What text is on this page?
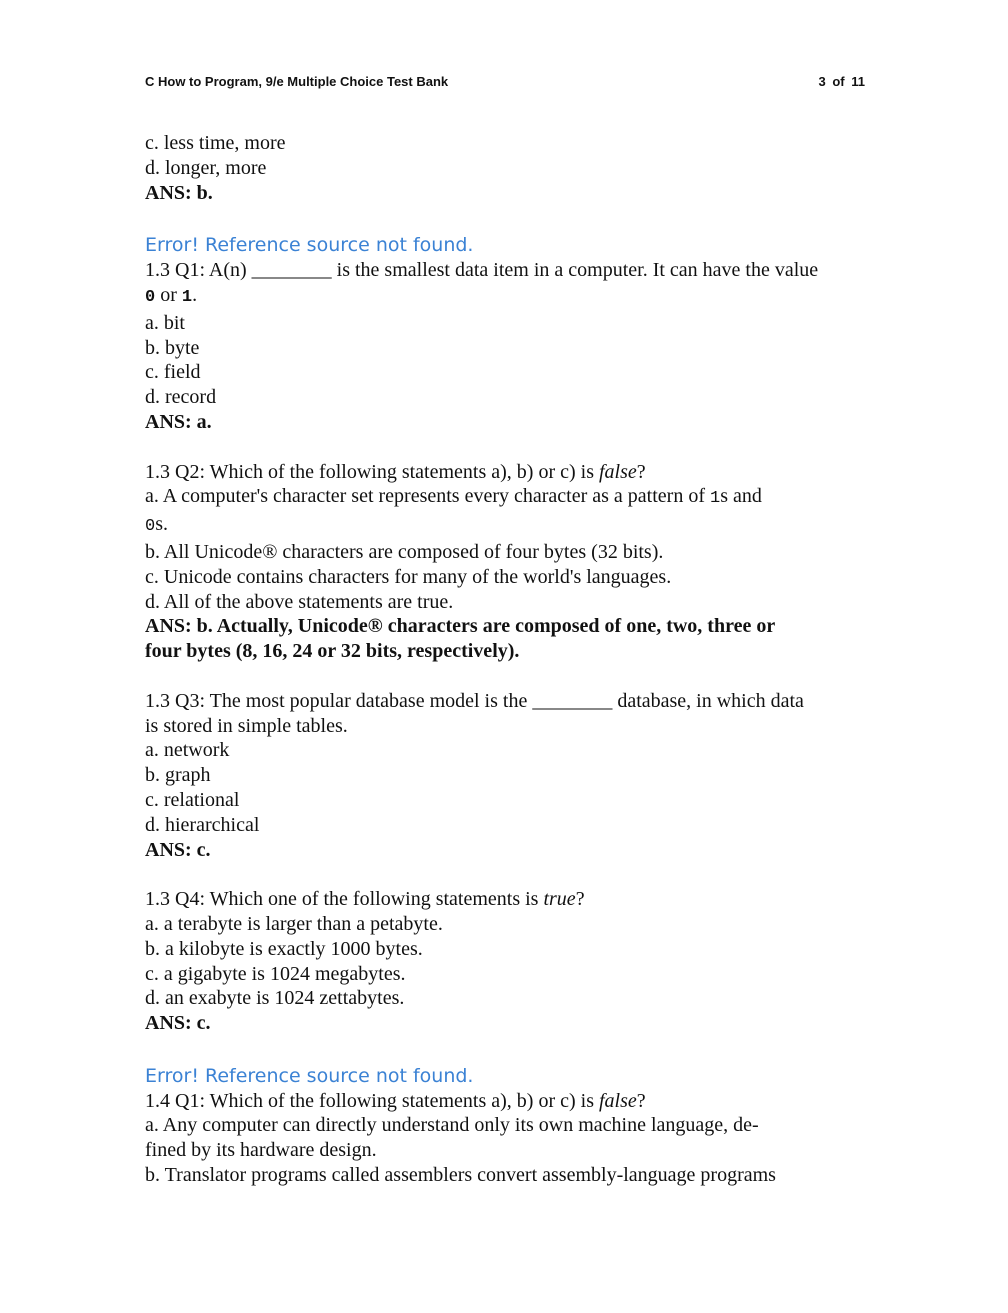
C How to Program, 9/e Multiple Choice Test Bank	3 of 11
c. less time, more
d. longer, more
ANS: b.
Error! Reference source not found.
1.3 Q1: A(n) ________ is the smallest data item in a computer. It can have the value
0 or 1.
a. bit
b. byte
c. field
d. record
ANS: a.
1.3 Q2: Which of the following statements a), b) or c) is false?
a. A computer's character set represents every character as a pattern of 1s and
0s.
b. All Unicode® characters are composed of four bytes (32 bits).
c. Unicode contains characters for many of the world's languages.
d. All of the above statements are true.
ANS: b. Actually, Unicode® characters are composed of one, two, three or
four bytes (8, 16, 24 or 32 bits, respectively).
1.3 Q3: The most popular database model is the ________ database, in which data
is stored in simple tables.
a. network
b. graph
c. relational
d. hierarchical
ANS: c.
1.3 Q4: Which one of the following statements is true?
a. a terabyte is larger than a petabyte.
b. a kilobyte is exactly 1000 bytes.
c. a gigabyte is 1024 megabytes.
d. an exabyte is 1024 zettabytes.
ANS: c.
Error! Reference source not found.
1.4 Q1: Which of the following statements a), b) or c) is false?
a. Any computer can directly understand only its own machine language, de-
fined by its hardware design.
b. Translator programs called assemblers convert assembly-language programs
